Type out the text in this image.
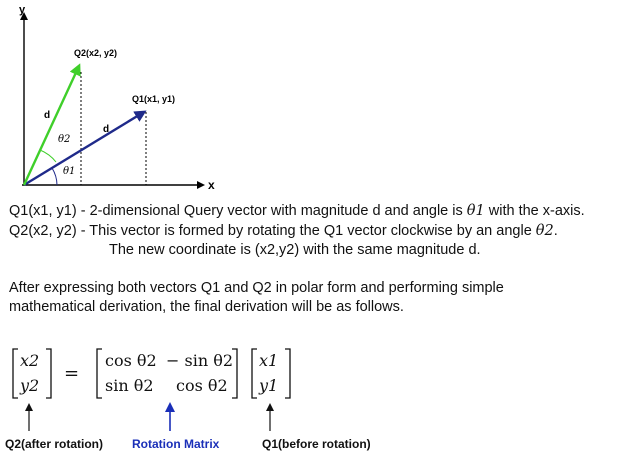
y
x
Q2(x2, y2)
Q1(x1, y1)
d
d
θ2
θ1
Q1(x1, y1) - 2-dimensional Query vector with magnitude d and angle is θ1 with the x-axis.
Q2(x2, y2) - This vector is formed by rotating the Q1 vector clockwise by an angle θ2.
The new coordinate is (x2,y2) with the same magnitude d.
After expressing both vectors Q1 and Q2 in polar form and performing simple
mathematical derivation, the final derivation will be as follows.
x2
y2
=
cos θ2 − sin θ2
sin θ2 cos θ2
x1
y1
Q2(after rotation) Rotation Matrix	Q1(before rotation)
